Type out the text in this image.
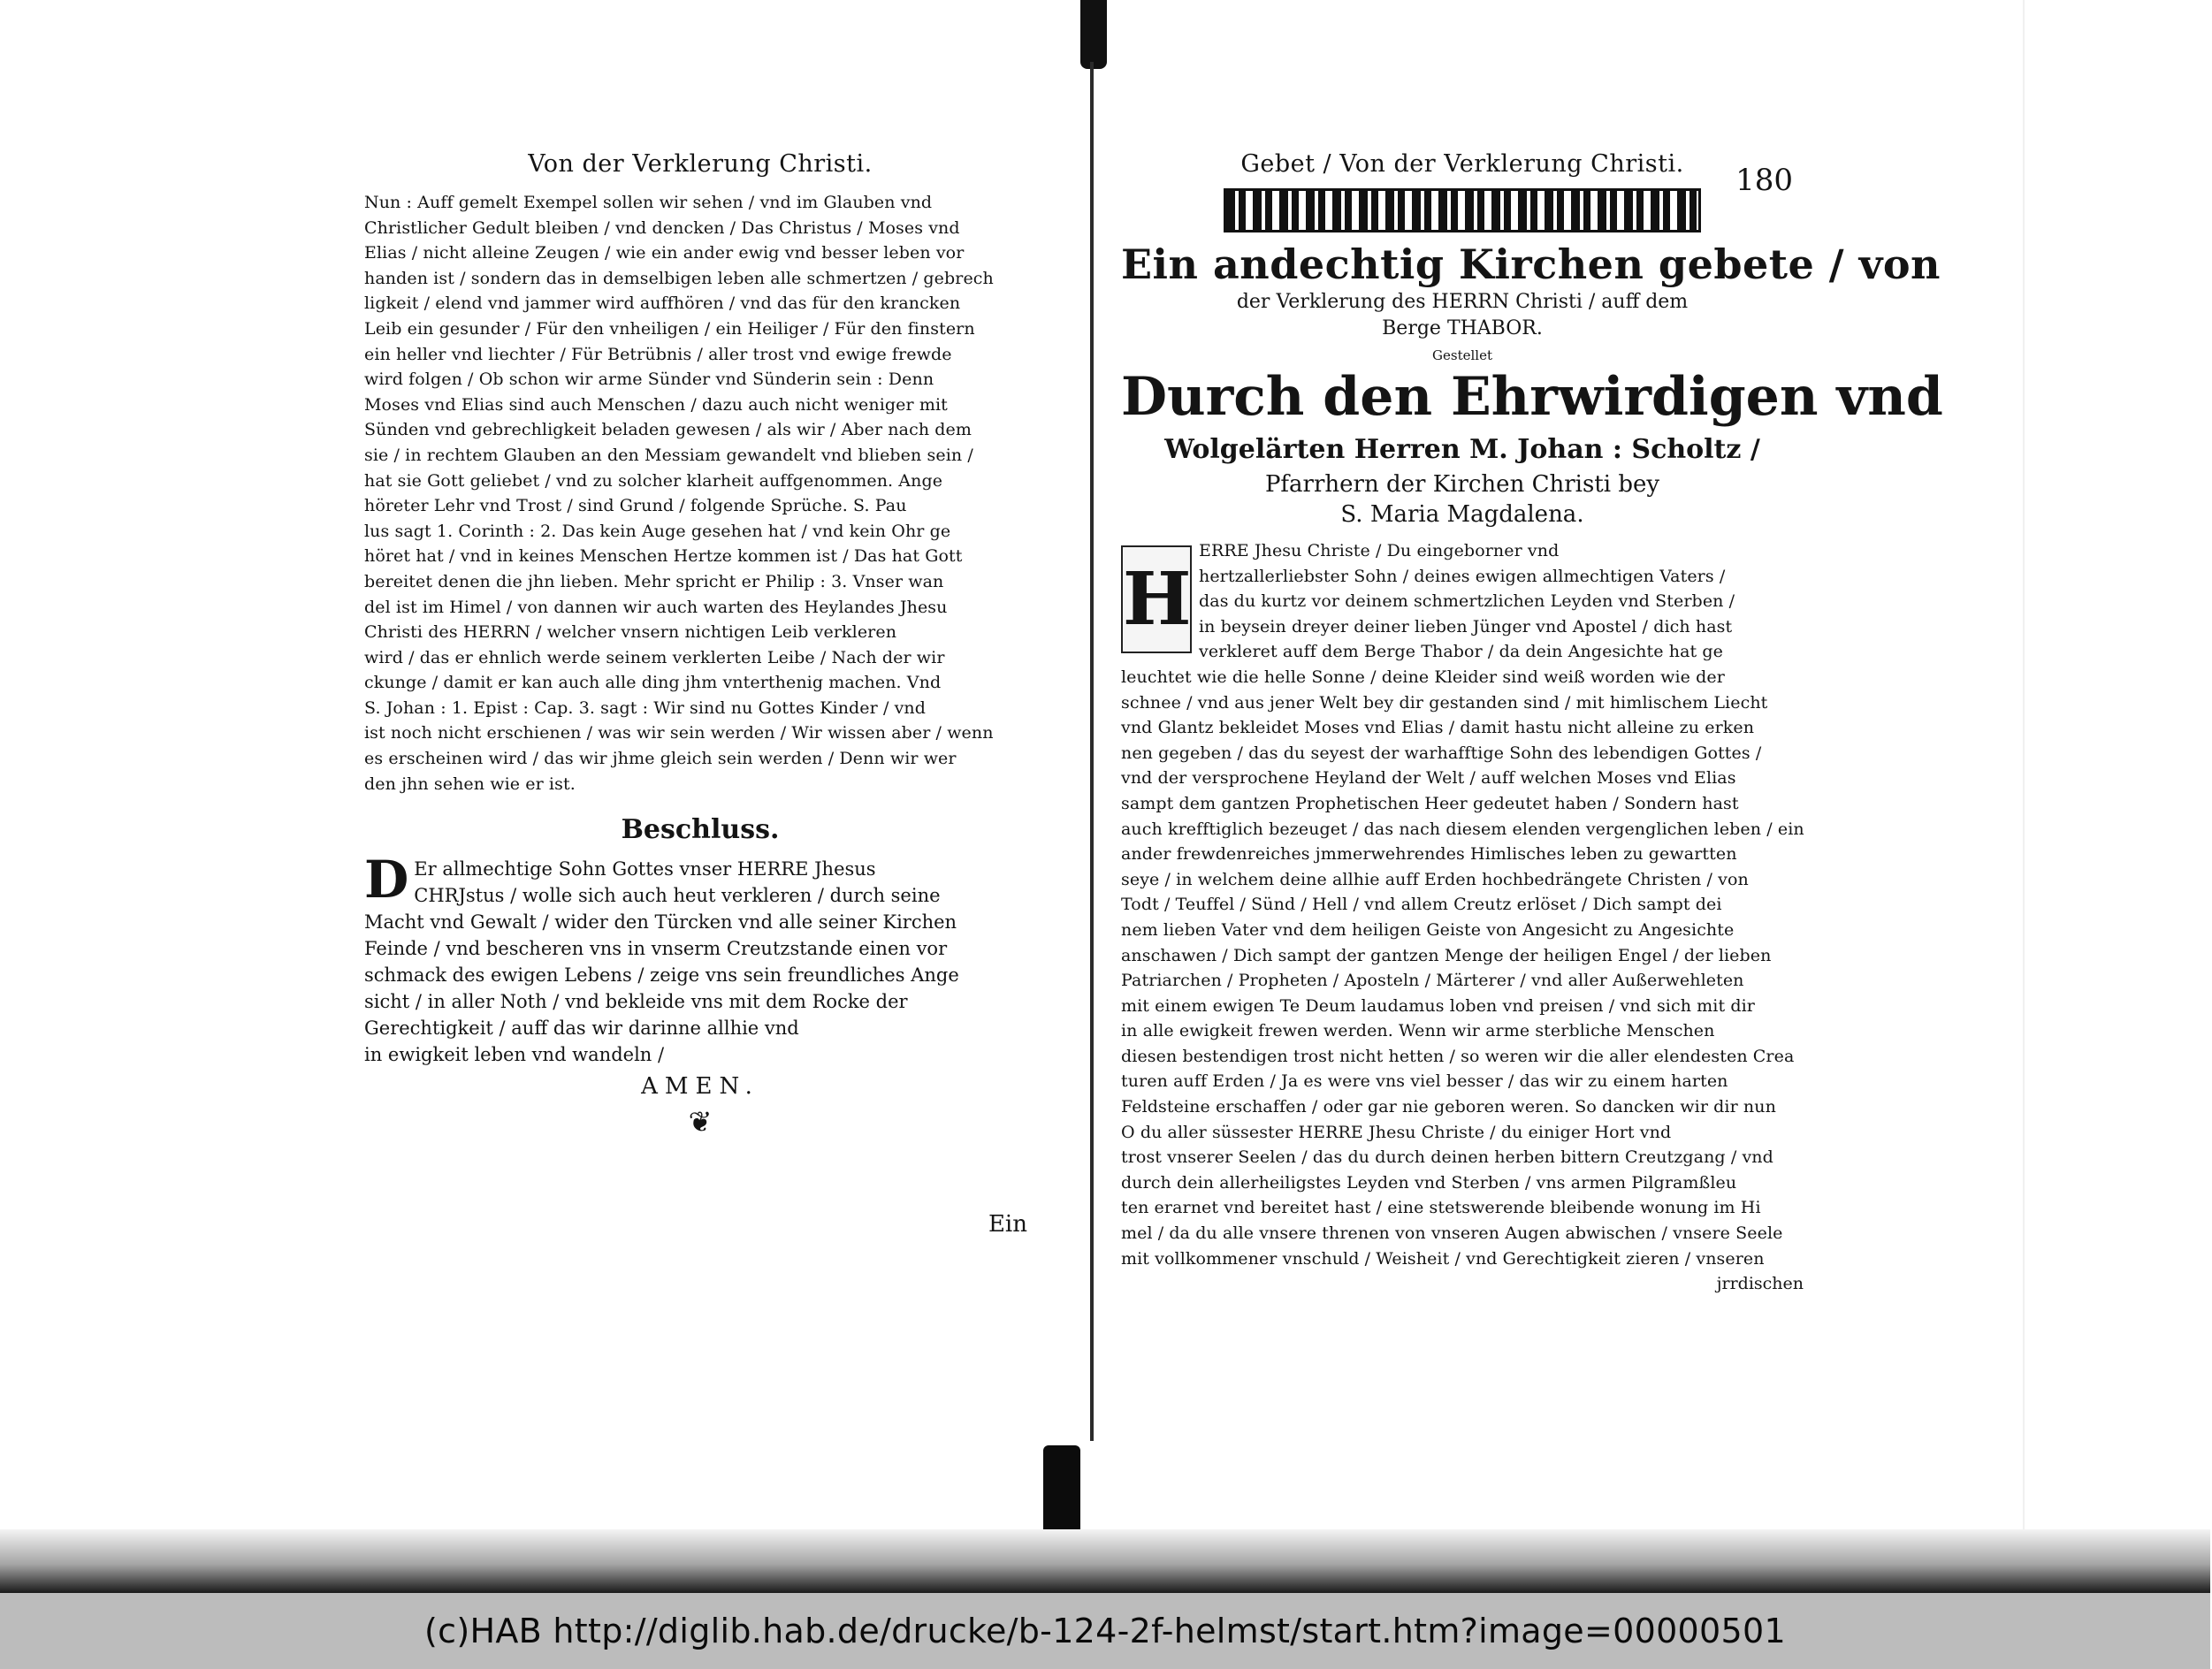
Von der Verklerung Christi.
Nun : Auff gemelt Exempel sollen wir sehen / vnd im Glauben vnd
Christlicher Gedult bleiben / vnd dencken / Das Christus / Moses vnd
Elias / nicht alleine Zeugen / wie ein ander ewig vnd besser leben vor
handen ist / sondern das in demselbigen leben alle schmertzen / gebrech
ligkeit / elend vnd jammer wird auffhören / vnd das für den krancken
Leib ein gesunder / Für den vnheiligen / ein Heiliger / Für den finstern
ein heller vnd liechter / Für Betrübnis / aller trost vnd ewige frewde
wird folgen / Ob schon wir arme Sünder vnd Sünderin sein : Denn
Moses vnd Elias sind auch Menschen / dazu auch nicht weniger mit
Sünden vnd gebrechligkeit beladen gewesen / als wir / Aber nach dem
sie / in rechtem Glauben an den Messiam gewandelt vnd blieben sein /
hat sie Gott geliebet / vnd zu solcher klarheit auffgenommen. Ange
höreter Lehr vnd Trost / sind Grund / folgende Sprüche. S. Pau
lus sagt 1. Corinth : 2. Das kein Auge gesehen hat / vnd kein Ohr ge
höret hat / vnd in keines Menschen Hertze kommen ist / Das hat Gott
bereitet denen die jhn lieben. Mehr spricht er Philip : 3. Vnser wan
del ist im Himel / von dannen wir auch warten des Heylandes Jhesu
Christi des HERRN / welcher vnsern nichtigen Leib verkleren
wird / das er ehnlich werde seinem verklerten Leibe / Nach der wir
ckunge / damit er kan auch alle ding jhm vnterthenig machen. Vnd
S. Johan : 1. Epist : Cap. 3. sagt : Wir sind nu Gottes Kinder / vnd
ist noch nicht erschienen / was wir sein werden / Wir wissen aber / wenn
es erscheinen wird / das wir jhme gleich sein werden / Denn wir wer
den jhn sehen wie er ist.
Beschluss.
D Er allmechtige Sohn Gottes vnser HERRE Jhesus
CHRJstus / wolle sich auch heut verkleren / durch seine
Macht vnd Gewalt / wider den Türcken vnd alle seiner Kirchen
Feinde / vnd bescheren vns in vnserm Creutzstande einen vor
schmack des ewigen Lebens / zeige vns sein freundliches Ange
sicht / in aller Noth / vnd bekleide vns mit dem Rocke der
Gerechtigkeit / auff das wir darinne allhie vnd
in ewigkeit leben vnd wandeln /
AMEN.
❦
Ein
Gebet / Von der Verklerung Christi.	180
Ein andechtig Kirchen gebete / von
der Verklerung des HERRN Christi / auff dem
Berge THABOR.
Gestellet
Durch den Ehrwirdigen vnd
Wolgelärten Herren M. Johan : Scholtz /
Pfarrhern der Kirchen Christi bey
S. Maria Magdalena.
H
ERRE Jhesu Christe / Du eingeborner vnd
hertzallerliebster Sohn / deines ewigen allmechtigen Vaters /
das du kurtz vor deinem schmertzlichen Leyden vnd Sterben /
in beysein dreyer deiner lieben Jünger vnd Apostel / dich hast
verkleret auff dem Berge Thabor / da dein Angesichte hat ge
leuchtet wie die helle Sonne / deine Kleider sind weiß worden wie der
schnee / vnd aus jener Welt bey dir gestanden sind / mit himlischem Liecht
vnd Glantz bekleidet Moses vnd Elias / damit hastu nicht alleine zu erken
nen gegeben / das du seyest der warhafftige Sohn des lebendigen Gottes /
vnd der versprochene Heyland der Welt / auff welchen Moses vnd Elias
sampt dem gantzen Prophetischen Heer gedeutet haben / Sondern hast
auch krefftiglich bezeuget / das nach diesem elenden vergenglichen leben / ein
ander frewdenreiches jmmerwehrendes Himlisches leben zu gewartten
seye / in welchem deine allhie auff Erden hochbedrängete Christen / von
Todt / Teuffel / Sünd / Hell / vnd allem Creutz erlöset / Dich sampt dei
nem lieben Vater vnd dem heiligen Geiste von Angesicht zu Angesichte
anschawen / Dich sampt der gantzen Menge der heiligen Engel / der lieben
Patriarchen / Propheten / Aposteln / Märterer / vnd aller Außerwehleten
mit einem ewigen Te Deum laudamus loben vnd preisen / vnd sich mit dir
in alle ewigkeit frewen werden. Wenn wir arme sterbliche Menschen
diesen bestendigen trost nicht hetten / so weren wir die aller elendesten Crea
turen auff Erden / Ja es were vns viel besser / das wir zu einem harten
Feldsteine erschaffen / oder gar nie geboren weren. So dancken wir dir nun
O du aller süssester HERRE Jhesu Christe / du einiger Hort vnd
trost vnserer Seelen / das du durch deinen herben bittern Creutzgang / vnd
durch dein allerheiligstes Leyden vnd Sterben / vns armen Pilgramßleu
ten erarnet vnd bereitet hast / eine stetswerende bleibende wonung im Hi
mel / da du alle vnsere threnen von vnseren Augen abwischen / vnsere Seele
mit vollkommener vnschuld / Weisheit / vnd Gerechtigkeit zieren / vnseren
jrrdischen
(c)HAB http://diglib.hab.de/drucke/b-124-2f-helmst/start.htm?image=00000501
